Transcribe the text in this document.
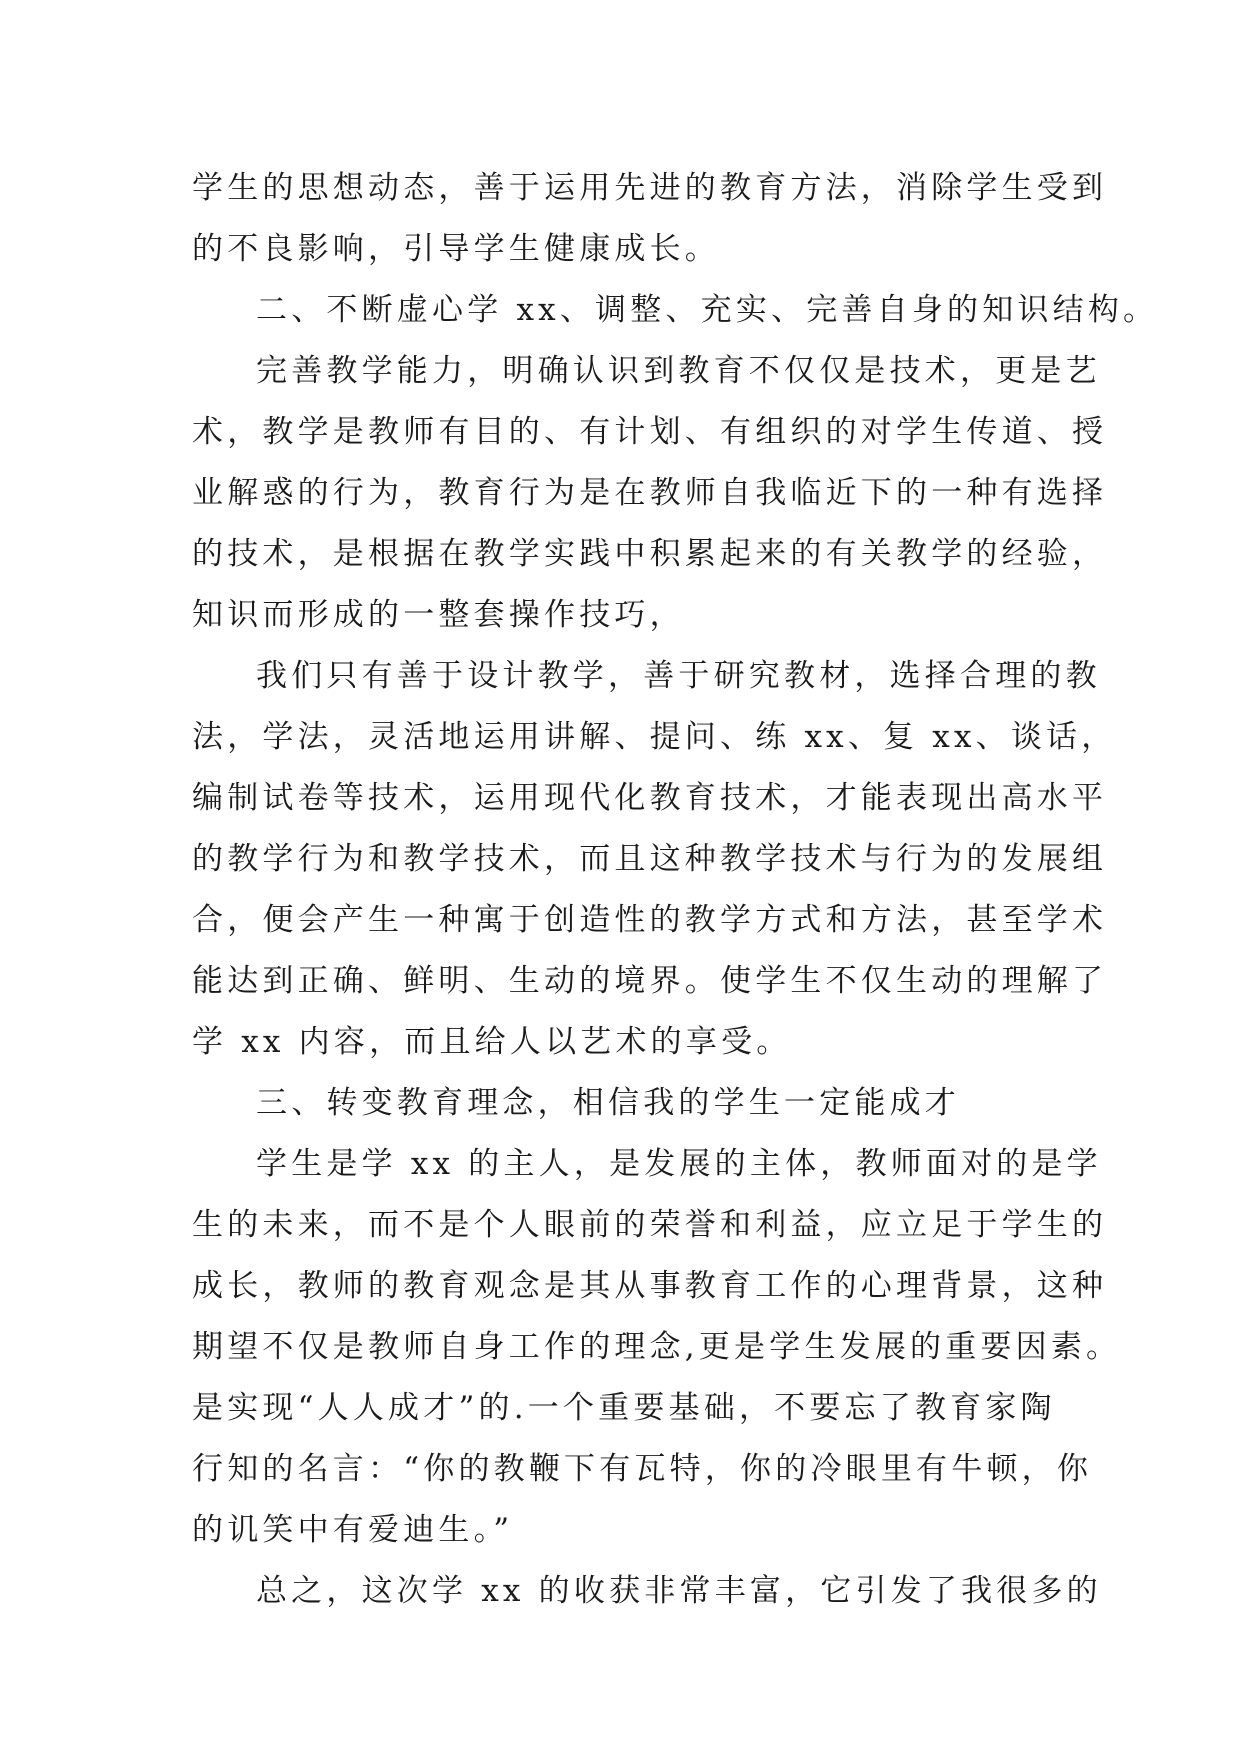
学生的思想动态，善于运用先进的教育方法，消除学生受到
的不良影响，引导学生健康成长。
二、不断虚心学 xx、调整、充实、完善自身的知识结构。
完善教学能力，明确认识到教育不仅仅是技术，更是艺
术，教学是教师有目的、有计划、有组织的对学生传道、授
业解惑的行为，教育行为是在教师自我临近下的一种有选择
的技术，是根据在教学实践中积累起来的有关教学的经验，
知识而形成的一整套操作技巧，
我们只有善于设计教学，善于研究教材，选择合理的教
法，学法，灵活地运用讲解、提问、练 xx、复 xx、谈话，
编制试卷等技术，运用现代化教育技术，才能表现出高水平
的教学行为和教学技术，而且这种教学技术与行为的发展组
合，便会产生一种寓于创造性的教学方式和方法，甚至学术
能达到正确、鲜明、生动的境界。使学生不仅生动的理解了
学 xx 内容，而且给人以艺术的享受。
三、转变教育理念，相信我的学生一定能成才
学生是学 xx 的主人，是发展的主体，教师面对的是学
生的未来，而不是个人眼前的荣誉和利益，应立足于学生的
成长，教师的教育观念是其从事教育工作的心理背景，这种
期望不仅是教师自身工作的理念,更是学生发展的重要因素。
是实现“人人成才”的.一个重要基础，不要忘了教育家陶
行知的名言：“你的教鞭下有瓦特，你的冷眼里有牛顿，你
的讥笑中有爱迪生。”
总之，这次学 xx 的收获非常丰富，它引发了我很多的
